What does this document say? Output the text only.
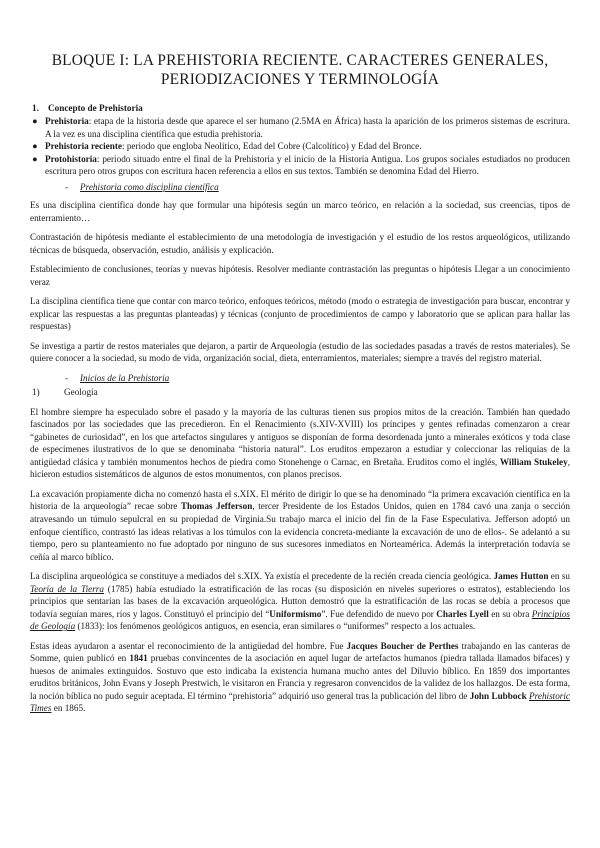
BLOQUE I: LA PREHISTORIA RECIENTE. CARACTERES GENERALES, PERIODIZACIONES Y TERMINOLOGÍA
1. Concepto de Prehistoria
● Prehistoria: etapa de la historia desde que aparece el ser humano (2.5MA en África) hasta la aparición de los primeros sistemas de escritura. A la vez es una disciplina científica que estudia prehistoria.
● Prehistoria reciente: periodo que engloba Neolítico, Edad del Cobre (Calcolítico) y Edad del Bronce.
● Protohistoria: periodo situado entre el final de la Prehistoria y el inicio de la Historia Antigua. Los grupos sociales estudiados no producen escritura pero otros grupos con escritura hacen referencia a ellos en sus textos. También se denomina Edad del Hierro.
- Prehistoria como disciplina científica

Es una disciplina científica donde hay que formular una hipótesis según un marco teórico, en relación a la sociedad, sus creencias, tipos de enterramiento…

Contrastación de hipótesis mediante el establecimiento de una metodología de investigación y el estudio de los restos arqueológicos, utilizando técnicas de búsqueda, observación, estudio, análisis y explicación.

Establecimiento de conclusiones, teorías y nuevas hipótesis. Resolver mediante contrastación las preguntas o hipótesis Llegar a un conocimiento veraz

La disciplina científica tiene que contar con marco teórico, enfoques teóricos, método (modo o estrategia de investigación para buscar, encontrar y explicar las respuestas a las preguntas planteadas) y técnicas (conjunto de procedimientos de campo y laboratorio que se aplican para hallar las respuestas)

Se investiga a partir de restos materiales que dejaron, a partir de Arqueología (estudio de las sociedades pasadas a través de restos materiales). Se quiere conocer a la sociedad, su modo de vida, organización social, dieta, enterramientos, materiales; siempre a través del registro material.

- Inicios de la Prehistoria
1)	Geología

El hombre siempre ha especulado sobre el pasado y la mayoría de las culturas tienen sus propios mitos de la creación. También han quedado fascinados por las sociedades que las precedieron. En el Renacimiento (s.XIV-XVIII) los príncipes y gentes refinadas comenzaron a crear “gabinetes de curiosidad”, en los que artefactos singulares y antiguos se disponían de forma desordenada junto a minerales exóticos y toda clase de especímenes ilustrativos de lo que se denominaba “historia natural”. Los eruditos empezaron a estudiar y coleccionar las reliquias de la antigüedad clásica y también monumentos hechos de piedra como Stonehenge o Carnac, en Bretaña. Eruditos como el inglés, William Stukeley, hicieron estudios sistemáticos de algunos de estos monumentos, con planos precisos.

La excavación propiamente dicha no comenzó hasta el s.XIX. El mérito de dirigir lo que se ha denominado “la primera excavación científica en la historia de la arqueología” recae sobre Thomas Jefferson, tercer Presidente de los Estados Unidos, quien en 1784 cavó una zanja o sección atravesando un túmulo sepulcral en su propiedad de Virginia.Su trabajo marca el inicio del fin de la Fase Especulativa. Jefferson adoptó un enfoque científico, contrastó las ideas relativas a los túmulos con la evidencia concreta-mediante la excavación de uno de ellos-. Se adelantó a su tiempo, pero su planteamiento no fue adoptado por ninguno de sus sucesores inmediatos en Norteamérica. Además la interpretación todavía se ceñía al marco bíblico.

La disciplina arqueológica se constituye a mediados del s.XIX. Ya existía el precedente de la recién creada ciencia geológica. James Hutton en su Teoría de la Tierra (1785) había estudiado la estratificación de las rocas (su disposición en niveles superiores o estratos), estableciendo los principios que sentarían las bases de la excavación arqueológica. Hutton demostró que la estratificación de las rocas se debía a procesos que todavía seguían mares, ríos y lagos. Constituyó el principio del “Uniformismo”. Fue defendido de nuevo por Charles Lyell en su obra Principios de Geología (1833): los fenómenos geológicos antiguos, en esencia, eran similares o “uniformes” respecto a los actuales.

Estas ideas ayudaron a asentar el reconocimiento de la antigüedad del hombre. Fue Jacques Boucher de Perthes trabajando en las canteras de Somme, quien publicó en 1841 pruebas convincentes de la asociación en aquel lugar de artefactos humanos (piedra tallada llamados bifaces) y huesos de animales extinguidos. Sostuvo que esto indicaba la existencia humana mucho antes del Diluvio bíblico. En 1859 dos importantes eruditos británicos, John Evans y Joseph Prestwich, le visitaron en Francia y regresaron convencidos de la validez de los hallazgos. De esta forma, la noción bíblica no pudo seguir aceptada. El término “prehistoria” adquirió uso general tras la publicación del libro de John Lubbock Prehistoric Times en 1865.
